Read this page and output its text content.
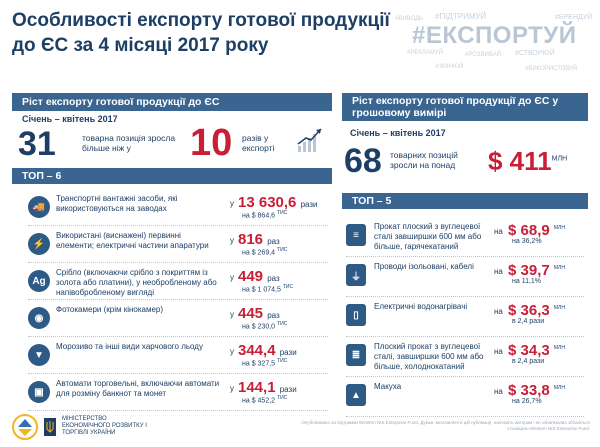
Особливості експорту готової продукції до ЄС за 4 місяці 2017 року
#ПІДТРИМУЙ
#ВИВОДЬ	#БРЕНДУЙ
#СТВОРЮЙ
#РОЗВИВАЙ
#РЕКЛАМУЙ
#ЗМІНЮЙ	#ВИКОРИСТОВУЙ
#ЕКСПОРТУЙ
Ріст експорту готової продукції до ЄС
Січень – квітень 2017
31	товарна позиція зросла більше ніж у	10 разів у експорті
ТОП – 6
🚚
Транспортні вантажні засоби, які використовуються на заводах
у 13 630,6 рази
на $ 864,6 $^{ТИС}$
⚡
Використані (виснажені) первинні елементи; електричні частини апаратури
у 816 раз
на $ 269,4 $^{ТИС}$
Ag
Срібло (включаючи срібло з покриттям із золота або платини), у необробленому або напівобробленому вигляді
у 449 раз
на $ 1 074,5 $^{ТИС}$
◉
Фотокамери (крім кінокамер)
у 445 раз
на $ 230,0 $^{ТИС}$
▼
Морозиво та інші види харчового льоду
у 344,4 рази
на $ 327,5 $^{ТИС}$
▣
Автомати торговельні, включаючи автомати для розміну банкнот та монет
у 144,1 рази
на $ 452,2 $^{ТИС}$
Ріст експорту готової продукції до ЄС у грошовому вимірі
Січень – квітень 2017
68 товарних позицій зросли на понад	$ $411^{МЛН}$
ТОП – 5
≡
Прокат плоский з вуглецевої сталі завширшки 600 мм або більше, гарячекатаний
на $ 68,9 $^{МЛН}$
на 36,2%
⏚
Проводи ізольовані, кабелі
на $ 39,7 $^{МЛН}$
на 11,1%
▯
Електричні водонагрівачі
на $ 36,3 $^{МЛН}$
в 2,4 рази
≣
Плоский прокат з вуглецевої сталі, завширшки 600 мм або більше, холоднокатаний
на $ 34,3 $^{МЛН}$
в 2,4 рази
▲
Макуха
на $ 33,8 $^{МЛН}$
на 26,7%
МІНІСТЕРСТВО ЕКОНОМІЧНОГО РОЗВИТКУ І ТОРГІВЛІ УКРАЇНИ
Опубліковано за підтримки Western NIS Enterprise Fund. Думки, висловлені в цій публікації, належать авторам і не обов'язково збігаються з позицією Western NIS Enterprise Fund.
